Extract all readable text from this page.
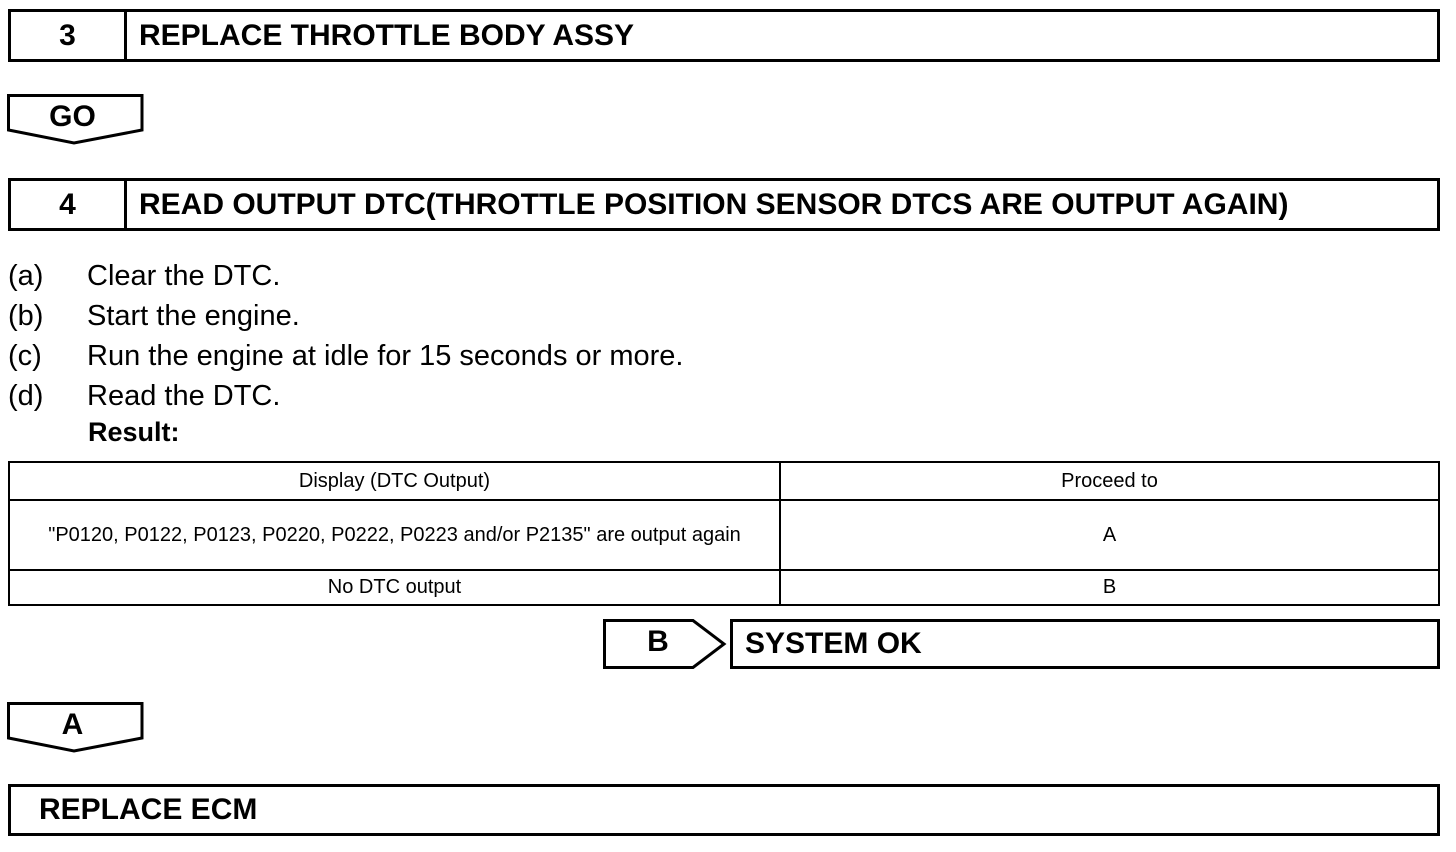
3	REPLACE THROTTLE BODY ASSY
GO
4	READ OUTPUT DTC(THROTTLE POSITION SENSOR DTCS ARE OUTPUT AGAIN)
(a)	Clear the DTC.
(b)	Start the engine.
(c)	Run the engine at idle for 15 seconds or more.
(d)	Read the DTC.
Result:
Display (DTC Output)	Proceed to
"P0120, P0122, P0123, P0220, P0222, P0223 and/or P2135" are output again	A
No DTC output	B
B	SYSTEM OK
A
REPLACE ECM
